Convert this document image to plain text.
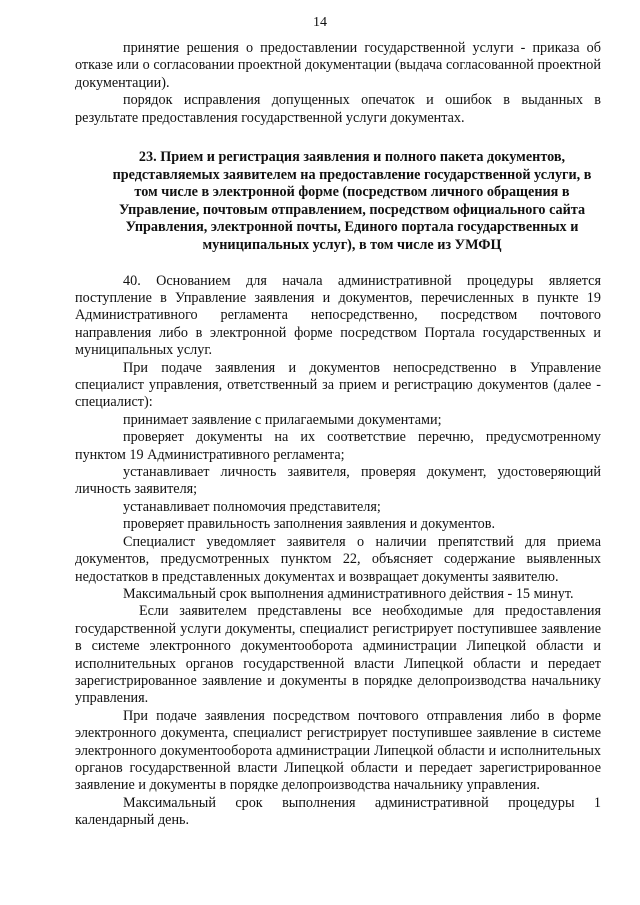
14

принятие решения о предоставлении государственной услуги - приказа об отказе или о согласовании проектной документации (выдача согласованной проектной документации).

порядок исправления допущенных опечаток и ошибок в выданных в результате предоставления государственной услуги документах.

23. Прием и регистрация заявления и полного пакета документов, представляемых заявителем на предоставление государственной услуги, в том числе в электронной форме (посредством личного обращения в Управление, почтовым отправлением, посредством официального сайта Управления, электронной почты, Единого портала государственных и муниципальных услуг), в том числе из УМФЦ

40. Основанием для начала административной процедуры является поступление в Управление заявления и документов, перечисленных в пункте 19 Административного регламента непосредственно, посредством почтового направления либо в электронной форме посредством Портала государственных и муниципальных услуг.

При подаче заявления и документов непосредственно в Управление специалист управления, ответственный за прием и регистрацию документов (далее - специалист):

принимает заявление с прилагаемыми документами;

проверяет документы на их соответствие перечню, предусмотренному пунктом 19 Административного регламента;

устанавливает личность заявителя, проверяя документ, удостоверяющий личность заявителя;

устанавливает полномочия представителя;

проверяет правильность заполнения заявления и документов.

Специалист уведомляет заявителя о наличии препятствий для приема документов, предусмотренных пунктом 22, объясняет содержание выявленных недостатков в представленных документах и возвращает документы заявителю.

Максимальный срок выполнения административного действия - 15 минут.

Если заявителем представлены все необходимые для предоставления государственной услуги документы, специалист регистрирует поступившее заявление в системе электронного документооборота администрации Липецкой области и исполнительных органов государственной власти Липецкой области и передает зарегистрированное заявление и документы в порядке делопроизводства начальнику управления.

При подаче заявления посредством почтового отправления либо в форме электронного документа, специалист регистрирует поступившее заявление в системе электронного документооборота администрации Липецкой области и исполнительных органов государственной власти Липецкой области и передает зарегистрированное заявление и документы в порядке делопроизводства начальнику управления.

Максимальный срок выполнения административной процедуры 1 календарный день.
